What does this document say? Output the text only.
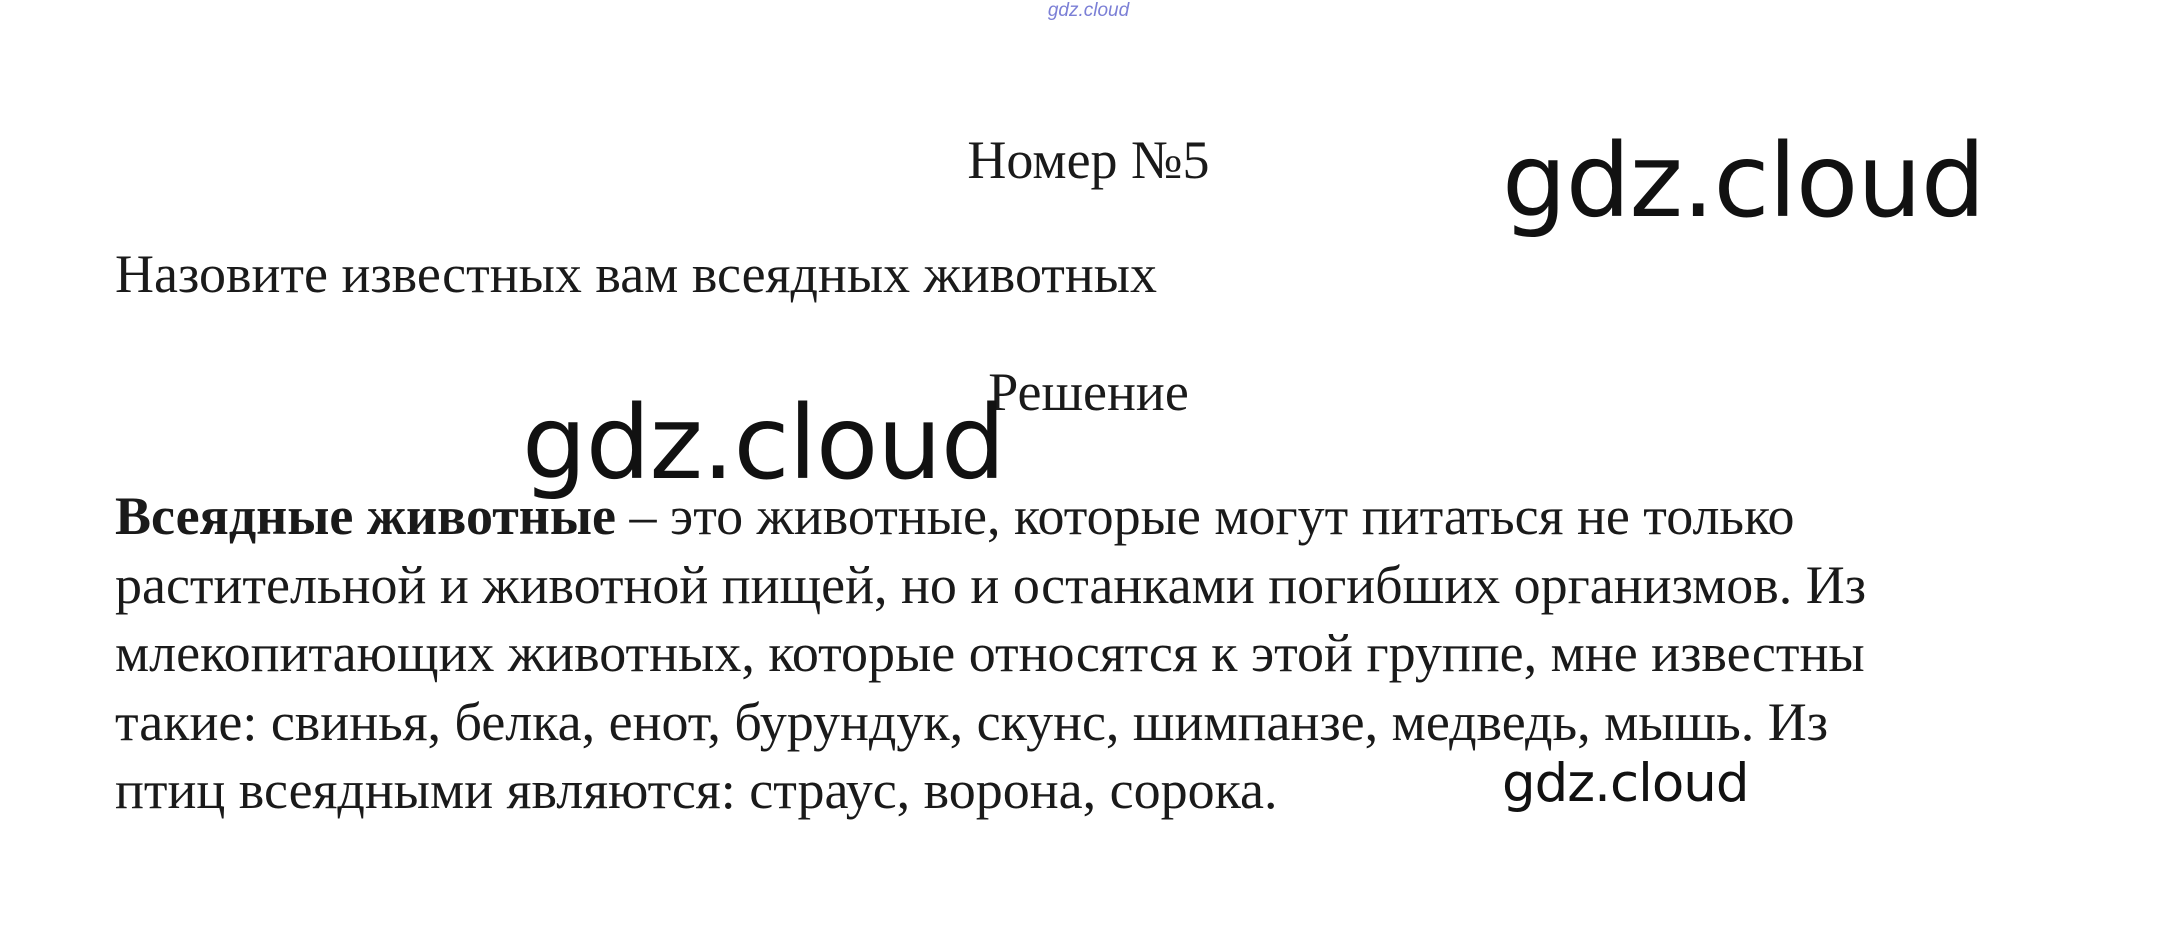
gdz.cloud
Номер №5	gdz.cloud

Назовите известных вам всеядных животных

Решение
gdz.cloud
Всеядные животные – это животные, которые могут питаться не только
растительной и животной пищей, но и останками погибших организмов. Из
млекопитающих животных, которые относятся к этой группе, мне известны
такие: свинья, белка, енот, бурундук, скунс, шимпанзе, медведь, мышь. Из
птиц всеядными являются: страус, ворона, сорока.	gdz.cloud
